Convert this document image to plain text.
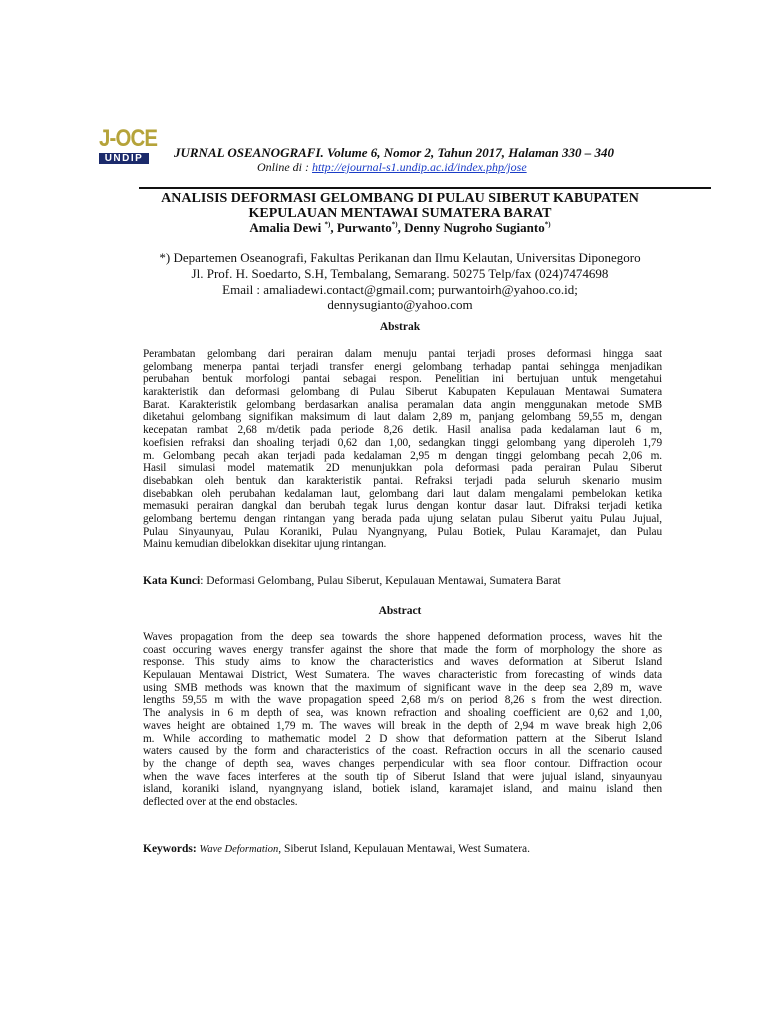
J-OCE
UNDIP	JURNAL OSEANOGRAFI. Volume 6, Nomor 2, Tahun 2017, Halaman 330 – 340
Online di : http://ejournal-s1.undip.ac.id/index.php/jose
ANALISIS DEFORMASI GELOMBANG DI PULAU SIBERUT KABUPATEN
KEPULAUAN MENTAWAI SUMATERA BARAT
Amalia Dewi *), Purwanto*), Denny Nugroho Sugianto*)
*) Departemen Oseanografi, Fakultas Perikanan dan Ilmu Kelautan, Universitas Diponegoro
Jl. Prof. H. Soedarto, S.H, Tembalang, Semarang. 50275 Telp/fax (024)7474698
Email : amaliadewi.contact@gmail.com; purwantoirh@yahoo.co.id;
dennysugianto@yahoo.com
Abstrak
Perambatan gelombang dari perairan dalam menuju pantai terjadi proses deformasi hingga saat
gelombang menerpa pantai terjadi transfer energi gelombang terhadap pantai sehingga menjadikan
perubahan bentuk morfologi pantai sebagai respon. Penelitian ini bertujuan untuk mengetahui
karakteristik dan deformasi gelombang di Pulau Siberut Kabupaten Kepulauan Mentawai Sumatera
Barat. Karakteristik gelombang berdasarkan analisa peramalan data angin menggunakan metode SMB
diketahui gelombang signifikan maksimum di laut dalam 2,89 m, panjang gelombang 59,55 m, dengan
kecepatan rambat 2,68 m/detik pada periode 8,26 detik. Hasil analisa pada kedalaman laut 6 m,
koefisien refraksi dan shoaling terjadi 0,62 dan 1,00, sedangkan tinggi gelombang yang diperoleh 1,79
m. Gelombang pecah akan terjadi pada kedalaman 2,95 m dengan tinggi gelombang pecah 2,06 m.
Hasil simulasi model matematik 2D menunjukkan pola deformasi pada perairan Pulau Siberut
disebabkan oleh bentuk dan karakteristik pantai. Refraksi terjadi pada seluruh skenario musim
disebabkan oleh perubahan kedalaman laut, gelombang dari laut dalam mengalami pembelokan ketika
memasuki perairan dangkal dan berubah tegak lurus dengan kontur dasar laut. Difraksi terjadi ketika
gelombang bertemu dengan rintangan yang berada pada ujung selatan pulau Siberut yaitu Pulau Jujual,
Pulau Sinyaunyau, Pulau Koraniki, Pulau Nyangnyang, Pulau Botiek, Pulau Karamajet, dan Pulau
Mainu kemudian dibelokkan disekitar ujung rintangan.
Kata Kunci: Deformasi Gelombang, Pulau Siberut, Kepulauan Mentawai, Sumatera Barat
Abstract
Waves propagation from the deep sea towards the shore happened deformation process, waves hit the
coast occuring waves energy transfer against the shore that made the form of morphology the shore as
response. This study aims to know the characteristics and waves deformation at Siberut Island
Kepulauan Mentawai District, West Sumatera. The waves characteristic from forecasting of winds data
using SMB methods was known that the maximum of significant wave in the deep sea 2,89 m, wave
lengths 59,55 m with the wave propagation speed 2,68 m/s on period 8,26 s from the west direction.
The analysis in 6 m depth of sea, was known refraction and shoaling coefficient are 0,62 and 1,00,
waves height are obtained 1,79 m. The waves will break in the depth of 2,94 m wave break high 2,06
m. While according to mathematic model 2 D show that deformation pattern at the Siberut Island
waters caused by the form and characteristics of the coast. Refraction occurs in all the scenario caused
by the change of depth sea, waves changes perpendicular with sea floor contour. Diffraction ocour
when the wave faces interferes at the south tip of Siberut Island that were jujual island, sinyaunyau
island, koraniki island, nyangnyang island, botiek island, karamajet island, and mainu island then
deflected over at the end obstacles.
Keywords: Wave Deformation, Siberut Island, Kepulauan Mentawai, West Sumatera.
